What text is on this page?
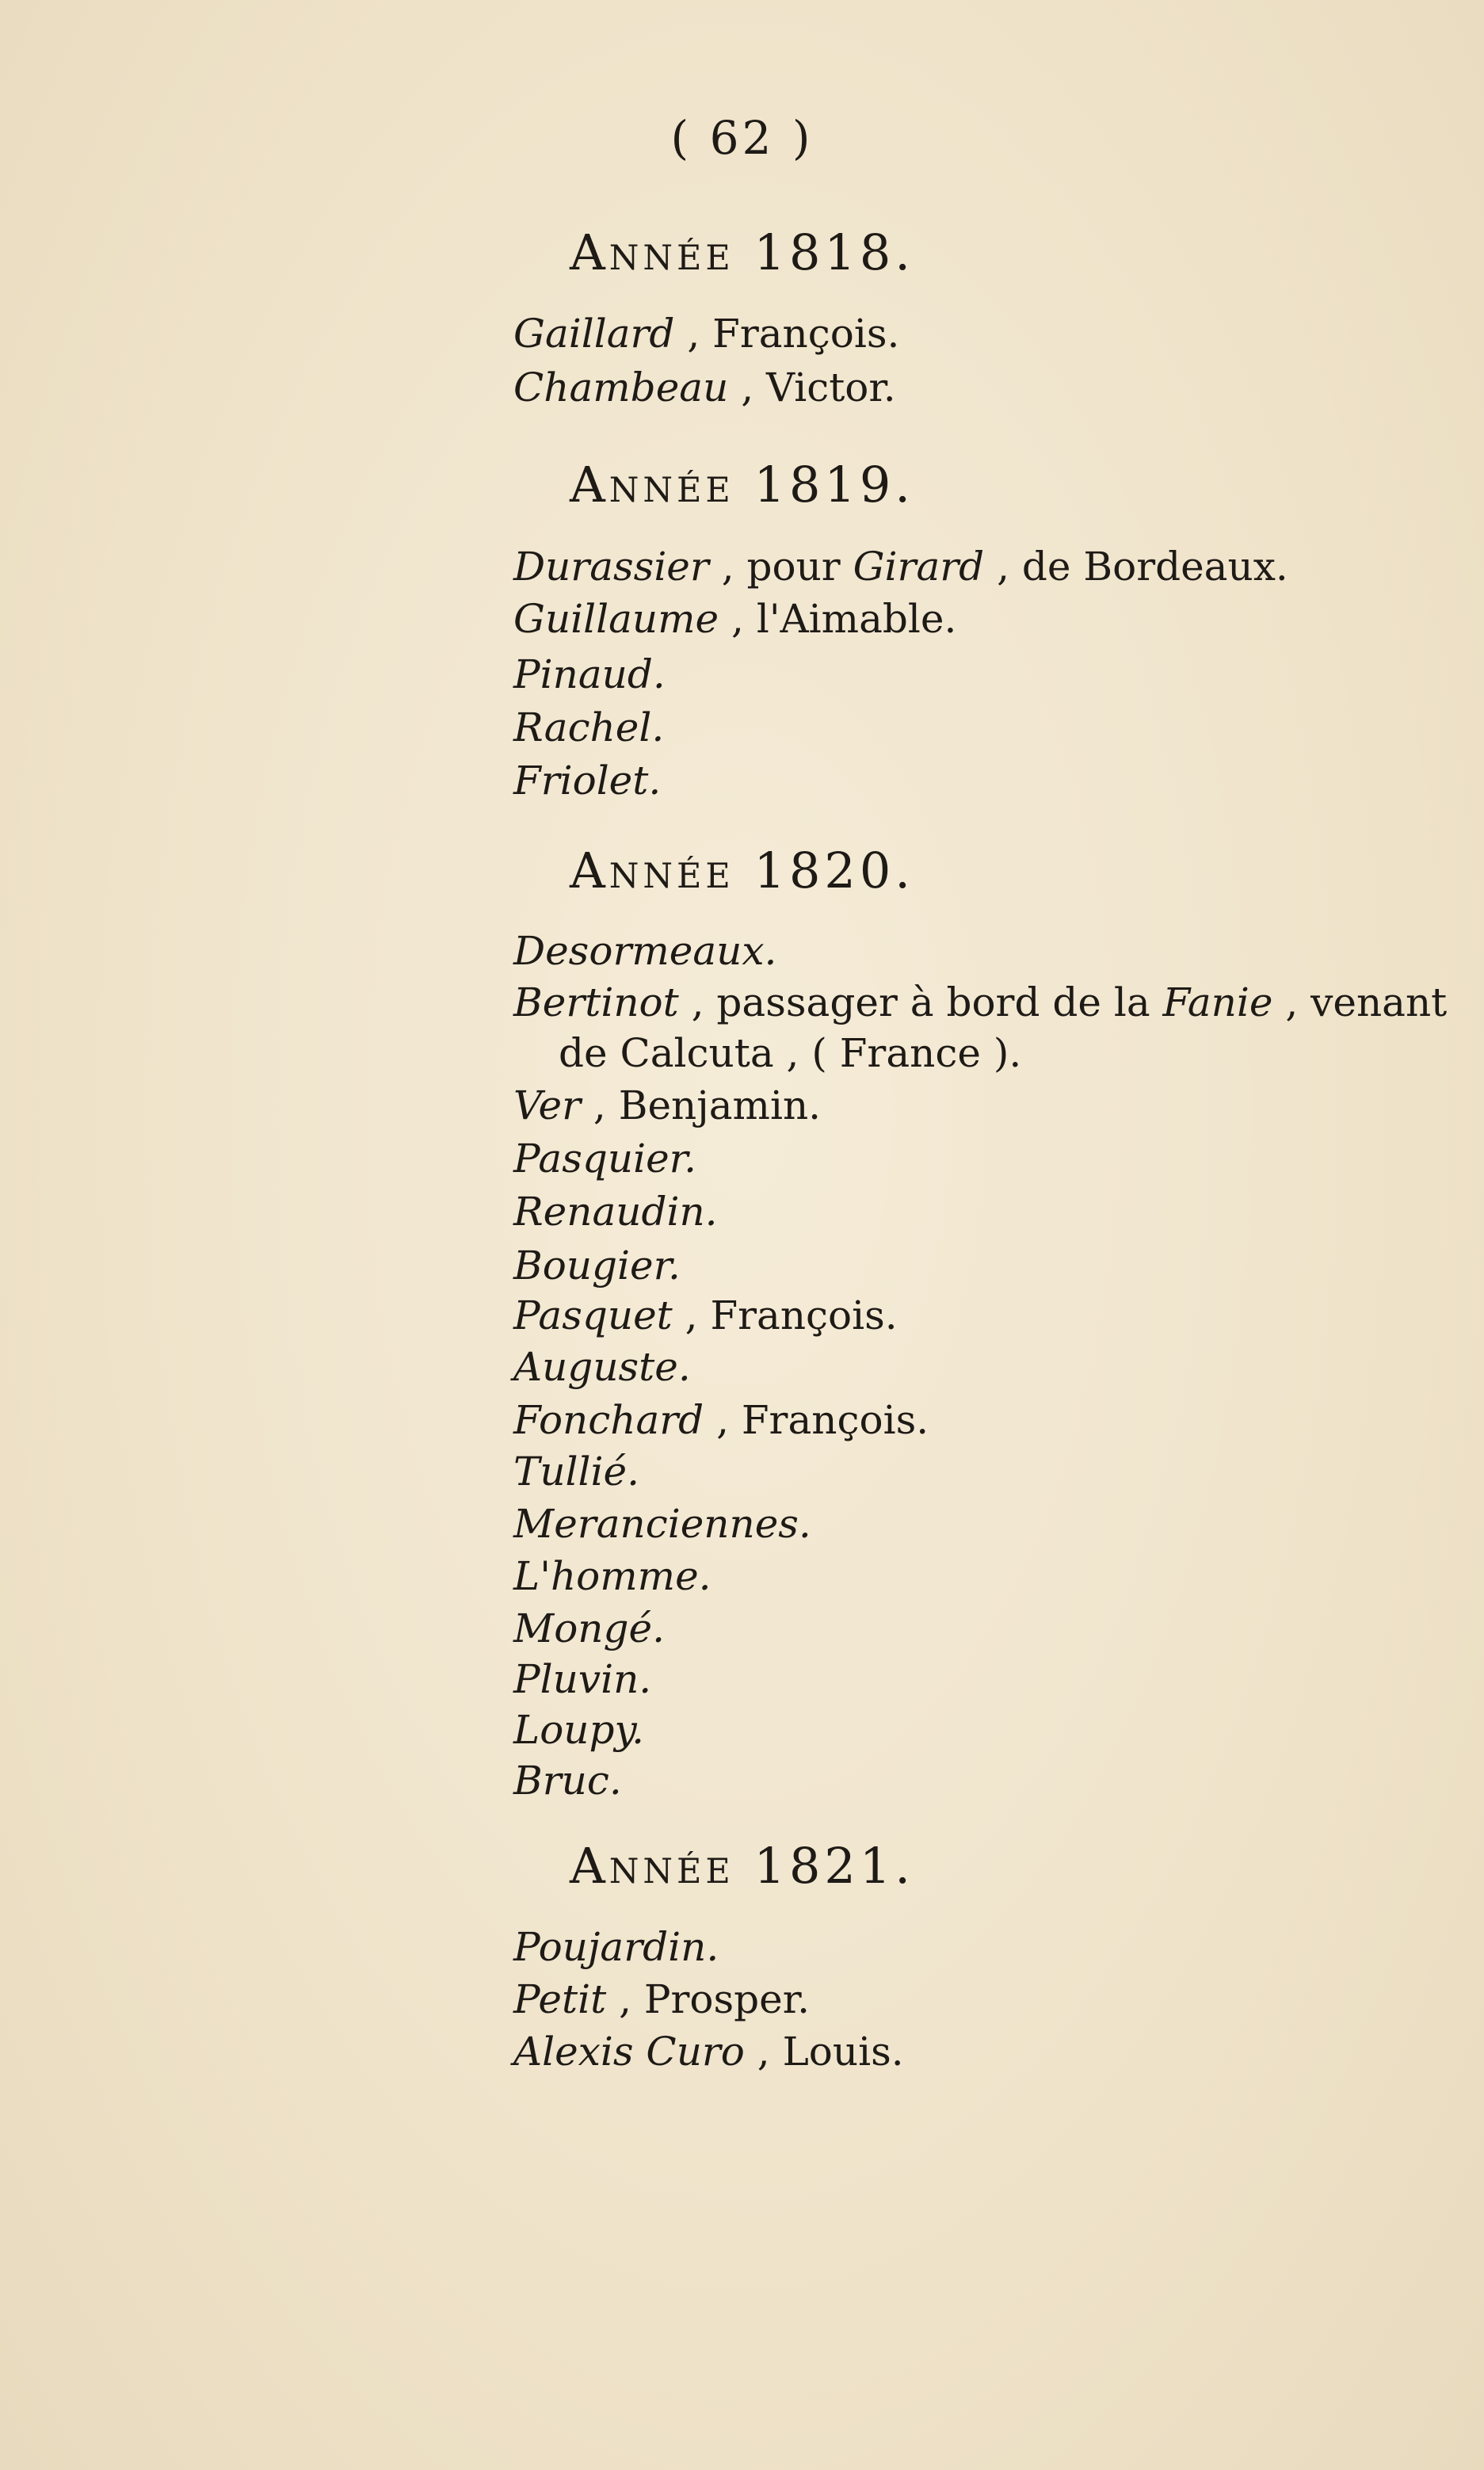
( 62 )
Année 1818.
Gaillard , François.
Chambeau , Victor.
Année 1819.
Durassier , pour Girard , de Bordeaux.
Guillaume , l'Aimable.
Pinaud.
Rachel.
Friolet.
Année 1820.
Desormeaux.
Bertinot , passager à bord de la Fanie , venant
de Calcuta , ( France ).
Ver , Benjamin.
Pasquier.
Renaudin.
Bougier.
Pasquet , François.
Auguste.
Fonchard , François.
Tullié.
Meranciennes.
L'homme.
Mongé.
Pluvin.
Loupy.
Bruc.
Année 1821.
Poujardin.
Petit , Prosper.
Alexis Curo , Louis.
